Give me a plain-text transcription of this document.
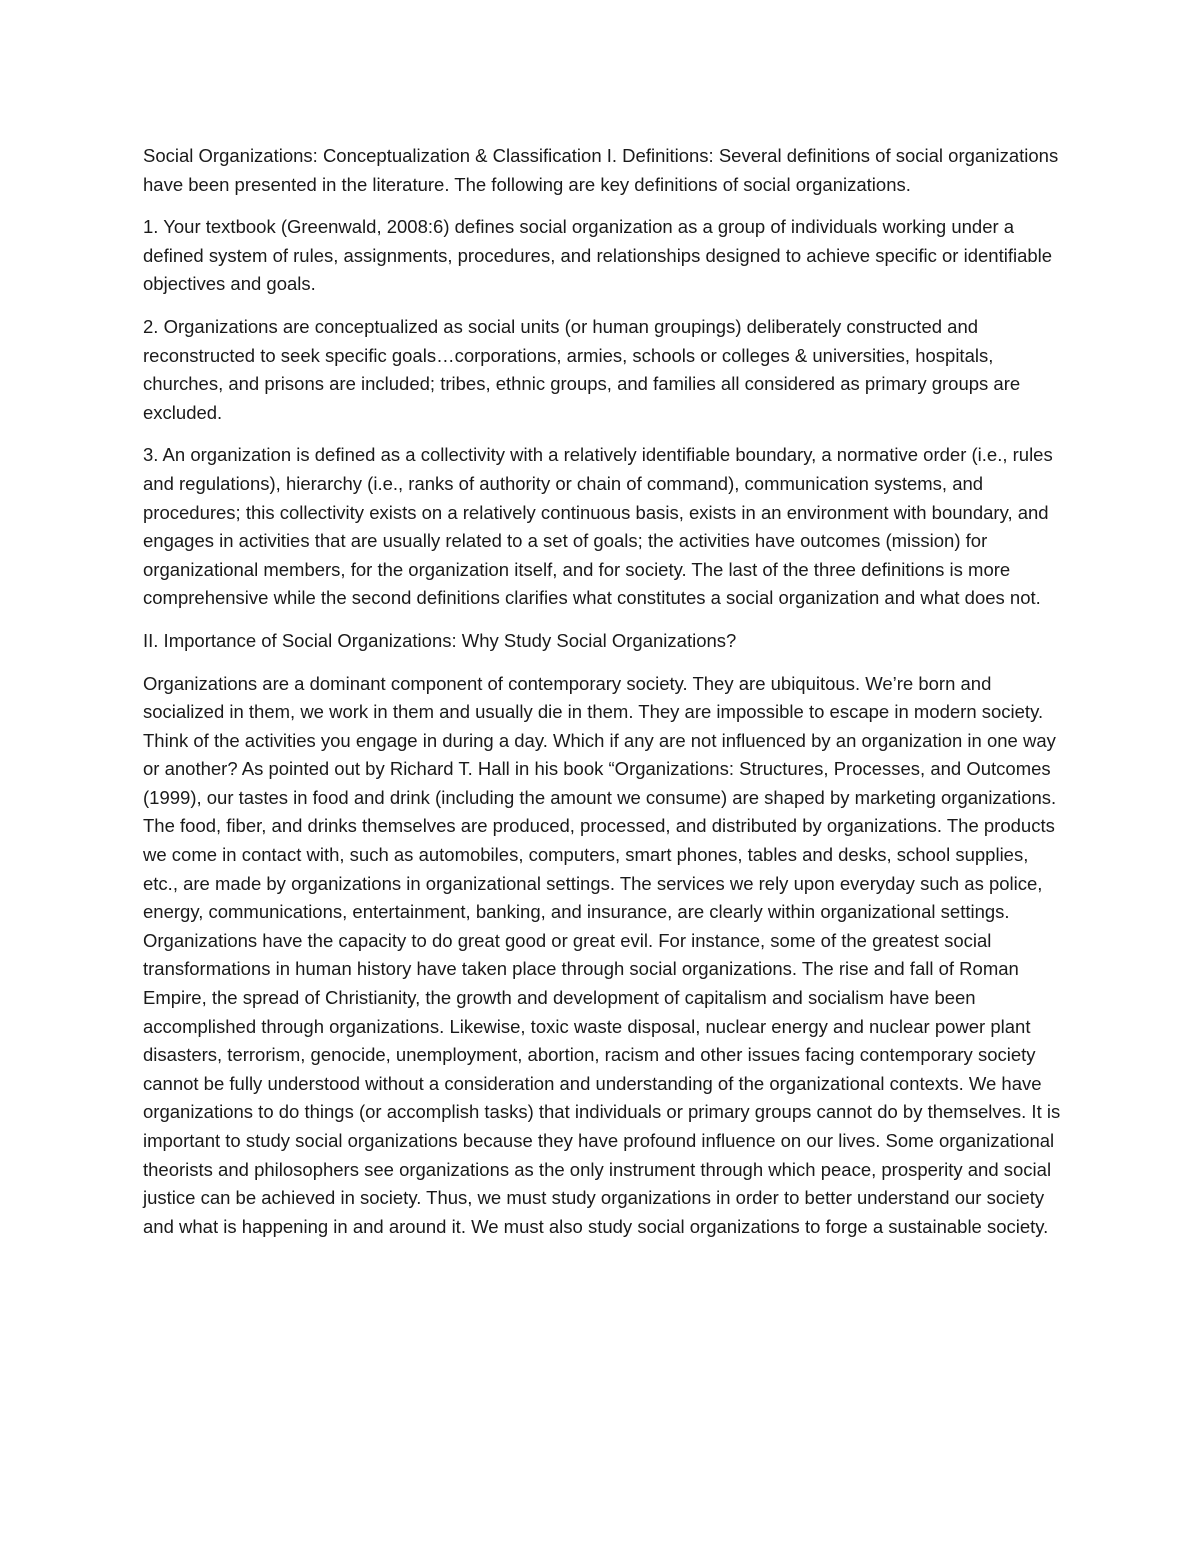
Social Organizations: Conceptualization & Classification I. Definitions: Several definitions of social organizations have been presented in the literature. The following are key definitions of social organizations.

1. Your textbook (Greenwald, 2008:6) defines social organization as a group of individuals working under a defined system of rules, assignments, procedures, and relationships designed to achieve specific or identifiable objectives and goals.

2. Organizations are conceptualized as social units (or human groupings) deliberately constructed and reconstructed to seek specific goals…corporations, armies, schools or colleges & universities, hospitals, churches, and prisons are included; tribes, ethnic groups, and families all considered as primary groups are excluded.

3. An organization is defined as a collectivity with a relatively identifiable boundary, a normative order (i.e., rules and regulations), hierarchy (i.e., ranks of authority or chain of command), communication systems, and procedures; this collectivity exists on a relatively continuous basis, exists in an environment with boundary, and engages in activities that are usually related to a set of goals; the activities have outcomes (mission) for organizational members, for the organization itself, and for society. The last of the three definitions is more comprehensive while the second definitions clarifies what constitutes a social organization and what does not.

II. Importance of Social Organizations: Why Study Social Organizations?

Organizations are a dominant component of contemporary society. They are ubiquitous. We’re born and socialized in them, we work in them and usually die in them. They are impossible to escape in modern society. Think of the activities you engage in during a day. Which if any are not influenced by an organization in one way or another? As pointed out by Richard T. Hall in his book “Organizations: Structures, Processes, and Outcomes (1999), our tastes in food and drink (including the amount we consume) are shaped by marketing organizations. The food, fiber, and drinks themselves are produced, processed, and distributed by organizations. The products we come in contact with, such as automobiles, computers, smart phones, tables and desks, school supplies, etc., are made by organizations in organizational settings. The services we rely upon everyday such as police, energy, communications, entertainment, banking, and insurance, are clearly within organizational settings. Organizations have the capacity to do great good or great evil. For instance, some of the greatest social transformations in human history have taken place through social organizations. The rise and fall of Roman Empire, the spread of Christianity, the growth and development of capitalism and socialism have been accomplished through organizations. Likewise, toxic waste disposal, nuclear energy and nuclear power plant disasters, terrorism, genocide, unemployment, abortion, racism and other issues facing contemporary society cannot be fully understood without a consideration and understanding of the organizational contexts. We have organizations to do things (or accomplish tasks) that individuals or primary groups cannot do by themselves. It is important to study social organizations because they have profound influence on our lives. Some organizational theorists and philosophers see organizations as the only instrument through which peace, prosperity and social justice can be achieved in society. Thus, we must study organizations in order to better understand our society and what is happening in and around it. We must also study social organizations to forge a sustainable society.
